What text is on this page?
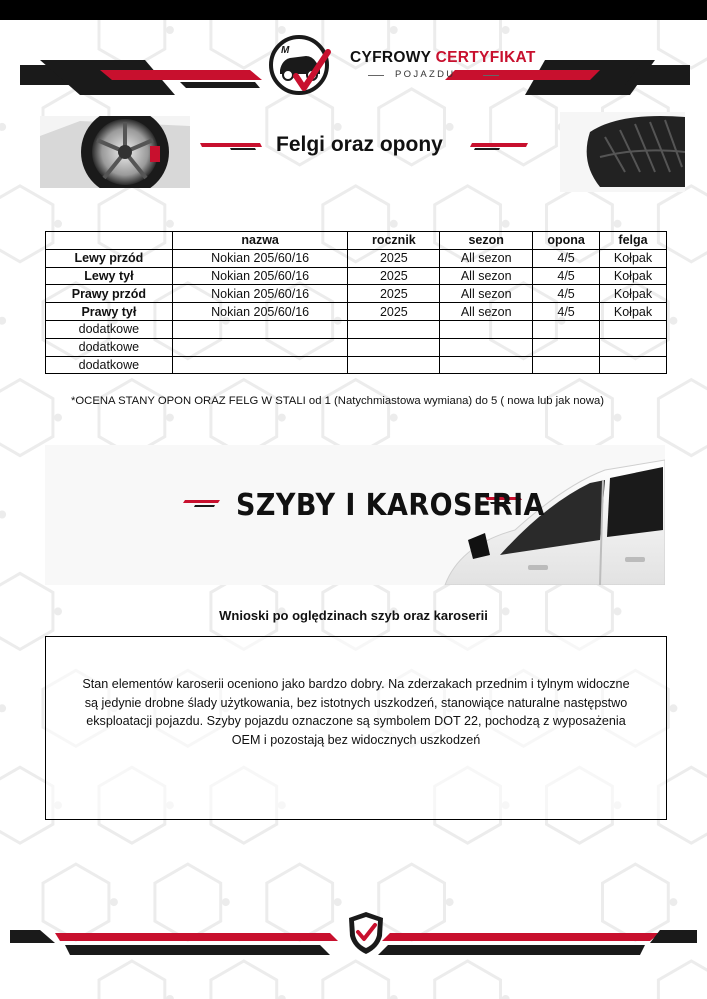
M	CYFROWY CERTYFIKAT
POJAZDU
Felgi oraz opony
	nazwa	rocznik	sezon	opona	felga
Lewy przód	Nokian 205/60/16	2025	All sezon	4/5	Kołpak
Lewy tył	Nokian 205/60/16	2025	All sezon	4/5	Kołpak
Prawy przód	Nokian 205/60/16	2025	All sezon	4/5	Kołpak
Prawy tył	Nokian 205/60/16	2025	All sezon	4/5	Kołpak
dodatkowe					
dodatkowe					
dodatkowe					
*OCENA STANY OPON ORAZ FELG W STALI od 1 (Natychmiastowa wymiana) do 5 ( nowa lub jak nowa)
SZYBY I KAROSERIA
Wnioski po oględzinach szyb oraz karoserii
Stan elementów karoserii oceniono jako bardzo dobry. Na zderzakach przednim i tylnym widoczne
są jedynie drobne ślady użytkowania, bez istotnych uszkodzeń, stanowiące naturalne następstwo
eksploatacji pojazdu. Szyby pojazdu oznaczone są symbolem DOT 22, pochodzą z wyposażenia
OEM i pozostają bez widocznych uszkodzeń
